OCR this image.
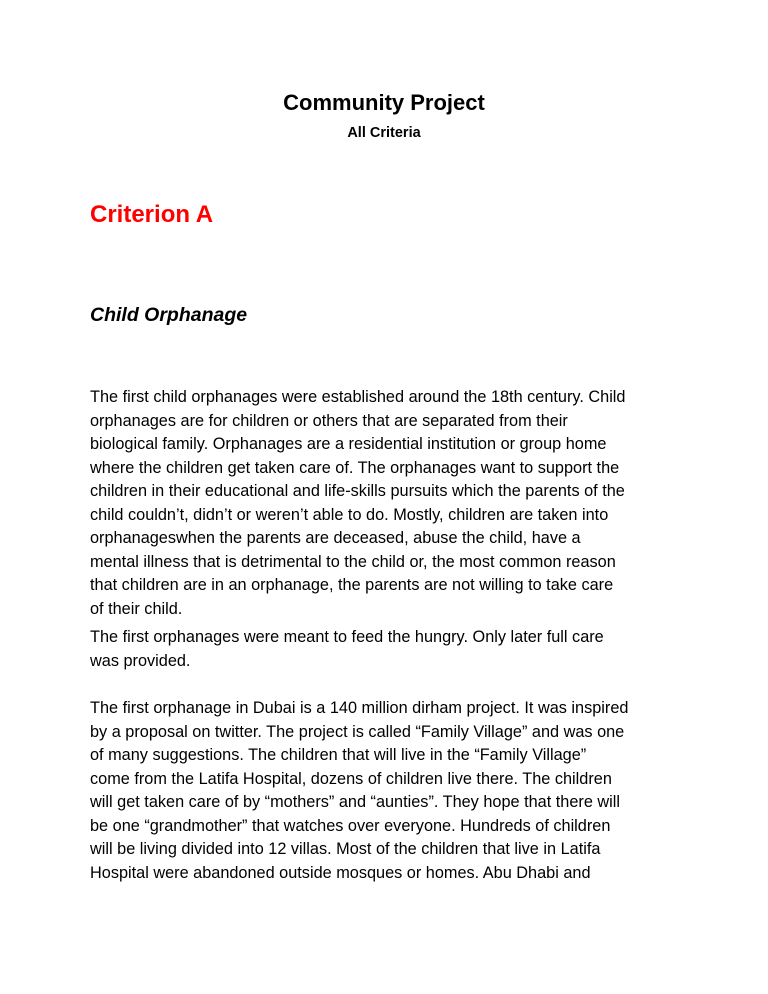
Community Project
All Criteria
Criterion A
Child Orphanage
The first child orphanages were established around the 18th century. Child
orphanages are for children or others that are separated from their
biological family. Orphanages are a residential institution or group home
where the children get taken care of. The orphanages want to support the
children in their educational and life-skills pursuits which the parents of the
child couldn’t, didn’t or weren’t able to do. Mostly, children are taken into
orphanageswhen the parents are deceased, abuse the child, have a
mental illness that is detrimental to the child or, the most common reason
that children are in an orphanage, the parents are not willing to take care
of their child.
The first orphanages were meant to feed the hungry. Only later full care
was provided.
The first orphanage in Dubai is a 140 million dirham project. It was inspired
by a proposal on twitter. The project is called “Family Village” and was one
of many suggestions. The children that will live in the “Family Village”
come from the Latifa Hospital, dozens of children live there. The children
will get taken care of by “mothers” and “aunties”. They hope that there will
be one “grandmother” that watches over everyone. Hundreds of children
will be living divided into 12 villas. Most of the children that live in Latifa
Hospital were abandoned outside mosques or homes. Abu Dhabi and
